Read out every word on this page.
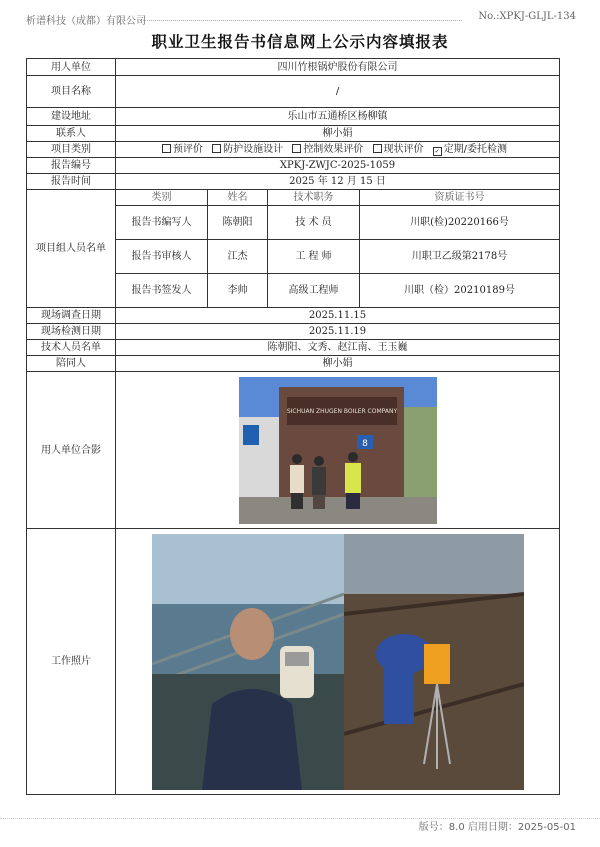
析谱科技（成都）有限公司	No.:XPKJ-GLJL-134
职业卫生报告书信息网上公示内容填报表
用人单位	四川竹根锅炉股份有限公司			
项目名称	/			
建设地址	乐山市五通桥区杨柳镇			
联系人	柳小娟			
项目类别	预评价 防护设施设计 控制效果评价 现状评价 ✓ 定期/委托检测			
报告编号	XPKJ-ZWJC-2025-1059			
报告时间	2025 年 12 月 15 日			
项目组人员名单	类别	姓名	技术职务	资质证书号
	报告书编写人	陈朝阳	技 术 员	川职(检)20220166号
	报告书审核人	江杰	工 程 师	川职卫乙级第2178号
	报告书签发人	李帅	高级工程师	川职（检）20210189号
现场调查日期	2025.11.15			
现场检测日期	2025.11.19			
技术人员名单	陈朝阳、文秀、赵江南、王玉巍			
陪同人	柳小娟			
用人单位合影	SICHUAN ZHUGEN BOILER COMPANY
8			

工作照片	
版号：8.0 启用日期：2025-05-01
